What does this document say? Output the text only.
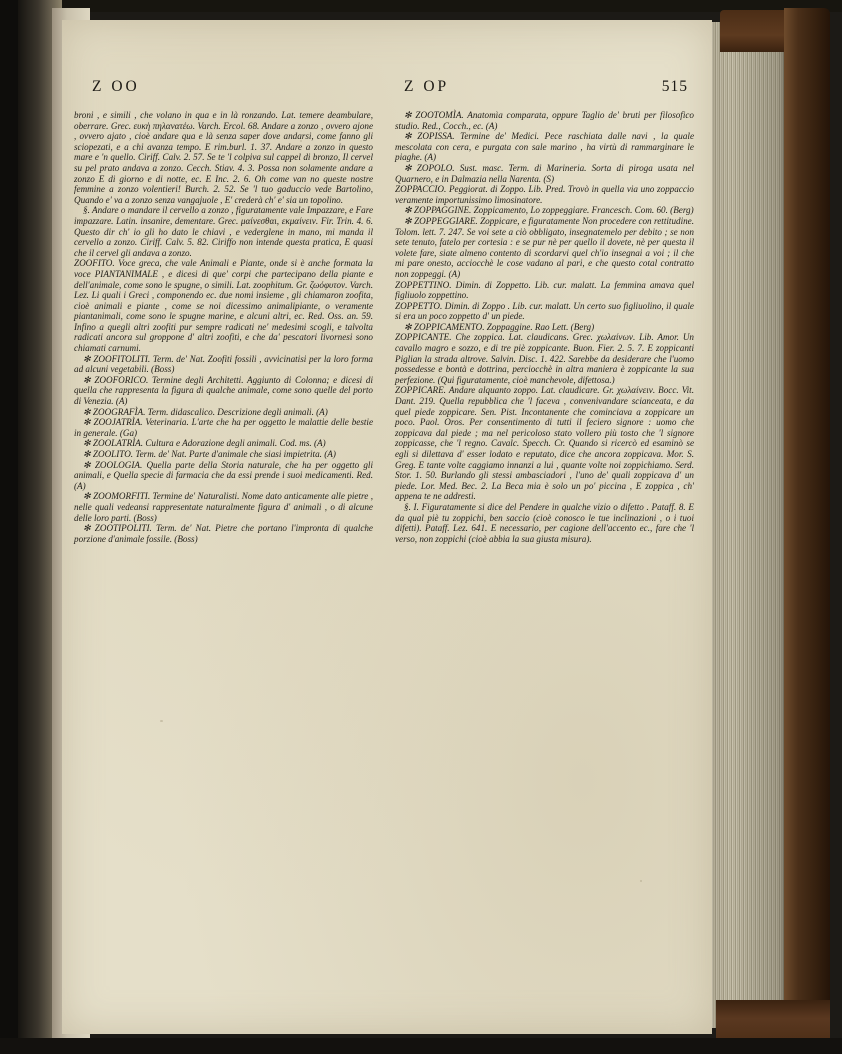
Z OO	Z OP	515

broni , e simili , che volano in qua e in là ronzando. Lat. temere deambulare, oberrare. Grec. ευκὴ πηλανατέω. Varch. Ercol. 68. Andare a zonzo , ovvero ajone , ovvero ajato , cioè andare qua e là senza saper dove andarsi, come fanno gli sciopezati, e a chi avanza tempo. E rim.burl. 1. 37. Andare a zonzo in questo mare e 'n quello. Ciriff. Calv. 2. 57. Se te 'l colpiva sul cappel di bronzo, Il cervel su pel prato andava a zonzo. Cecch. Stiav. 4. 3. Possa non solamente andare a zonzo E di giorno e di notte, ec. E Inc. 2. 6. Oh come van no queste nostre femmine a zonzo volentieri! Burch. 2. 52. Se 'l tuo gaduccio vede Bartolino, Quando e' va a zonzo senza vangajuole , E' crederà ch' e' sia un topolino.

§. Andare o mandare il cervello a zonzo , figuratamente vale Impazzare, e Fare impazzare. Latin. insanire, dementare. Grec. μαίνεσθαι, εκμαίνειν. Fir. Trin. 4. 6. Questo dir ch' io gli ho dato le chiavi , e vederglene in mano, mi manda il cervello a zonzo. Ciriff. Calv. 5. 82. Ciriffo non intende questa pratica, E quasi che il cervel gli andava a zonzo.

ZOOFITO. Voce greca, che vale Animali e Piante, onde si è anche formata la voce PIANTANIMALE , e dicesi di que' corpi che partecipano della piante e dell'animale, come sono le spugne, o simili. Lat. zoophitum. Gr. ζωόφυτον. Varch. Lez. Li quali i Greci , componendo ec. due nomi insieme , gli chiamaron zoofita, cioè animali e piante , come se noi dicessimo animalipiante, o veramente piantanimali, come sono le spugne marine, e alcuni altri, ec. Red. Oss. an. 59. Infino a quegli altri zoofiti pur sempre radicati ne' medesimi scogli, e talvolta radicati ancora sul groppone d' altri zoofiti, e che da' pescatori livornesi sono chiamati carnumi.

✻ ZOOFITOLITI. Term. de' Nat. Zoofiti fossili , avvicinatisi per la loro forma ad alcuni vegetabili. (Boss)

✻ ZOOFORICO. Termine degli Architetti. Aggiunto di Colonna; e dicesi di quella che rappresenta la figura di qualche animale, come sono quelle del porto di Venezia. (A)

✻ ZOOGRAFÌA. Term. didascalico. Descrizione degli animali. (A)

✻ ZOOJATRÌA. Veterinaria. L'arte che ha per oggetto le malattie delle bestie in generale. (Ga)

✻ ZOOLATRÌA. Cultura e Adorazione degli animali. Cod. ms. (A)

✻ ZOOLITO. Term. de' Nat. Parte d'animale che siasi impietrita. (A)

✻ ZOOLOGIA. Quella parte della Storia naturale, che ha per oggetto gli animali, e Quella specie di farmacia che da essi prende i suoi medicamenti. Red. (A)

✻ ZOOMORFITI. Termine de' Naturalisti. Nome dato anticamente alle pietre , nelle quali vedeansi rappresentate naturalmente figura d' animali , o di alcune delle loro parti. (Boss)

✻ ZOOTIPOLITI. Term. de' Nat. Pietre che portano l'impronta di qualche porzione d'animale fossile. (Boss)

✻ ZOOTOMÌA. Anatomìa comparata, oppure Taglio de' bruti per filosofico studio. Red., Cocch., ec. (A)

✻ ZOPISSA. Termine de' Medici. Pece raschiata dalle navi , la quale mescolata con cera, e purgata con sale marino , ha virtù di rammarginare le piaghe. (A)

✻ ZOPOLO. Sust. masc. Term. di Marineria. Sorta di piroga usata nel Quarnero, e in Dalmazia nella Narenta. (S)

ZOPPACCIO. Peggiorat. di Zoppo. Lib. Pred. Trovò in quella via uno zoppaccio veramente importunissimo limosinatore.

✻ ZOPPAGGINE. Zoppicamento, Lo zoppeggiare. Francesch. Com. 60. (Berg)

✻ ZOPPEGGIARE. Zoppicare, e figuratamente Non procedere con rettitudine. Tolom. lett. 7. 247. Se voi sete a ciò obbligato, insegnatemelo per debito ; se non sete tenuto, fatelo per cortesia : e se pur nè per quello il dovete, nè per questa il volete fare, siate almeno contento di scordarvi quel ch'io insegnai a voi ; il che mi pare onesto, acciocchè le cose vadano al pari, e che questo cotal contratto non zoppeggi. (A)

ZOPPETTINO. Dimin. di Zoppetto. Lib. cur. malatt. La femmina amava quel figliuolo zoppettino.

ZOPPETTO. Dimin. di Zoppo . Lib. cur. malatt. Un certo suo figliuolino, il quale si era un poco zoppetto d' un piede.

✻ ZOPPICAMENTO. Zoppaggine. Rao Lett. (Berg)

ZOPPICANTE. Che zoppica. Lat. claudicans. Grec. χωλαίνων. Lib. Amor. Un cavallo magro e sozzo, e di tre piè zoppicante. Buon. Fier. 2. 5. 7. E zoppicanti Piglian la strada altrove. Salvin. Disc. 1. 422. Sarebbe da desiderare che l'uomo possedesse e bontà e dottrina, perciocchè in altra maniera è zoppicante la sua perfezione. (Qui figuratamente, cioè manchevole, difettosa.)

ZOPPICARE. Andare alquanto zoppo. Lat. claudicare. Gr. χωλαίνειν. Bocc. Vit. Dant. 219. Quella repubblica che 'l faceva , convenivandare scianceata, e da quel piede zoppicare. Sen. Pist. Incontanente che cominciava a zoppicare un poco. Paol. Oros. Per consentimento di tutti il feciero signore : uomo che zoppicava dal piede ; ma nel pericoloso stato vollero più tosto che 'l signore zoppicasse, che 'l regno. Cavalc. Specch. Cr. Quando si ricercò ed esaminò se egli si dilettava d' esser lodato e reputato, dice che ancora zoppicava. Mor. S. Greg. E tante volte caggiamo innanzi a lui , quante volte noi zoppichiamo. Serd. Stor. 1. 50. Burlando gli stessi ambasciadori , l'uno de' quali zoppicava d' un piede. Lor. Med. Bec. 2. La Beca mia è solo un po' piccina , E zoppica , ch' appena te ne addresti.

§. I. Figuratamente si dice del Pendere in qualche vizio o difetto . Pataff. 8. E da qual piè tu zoppichi, ben saccio (cioè conosco le tue inclinazioni , o i tuoi difetti). Pataff. Lez. 641. E necessario, per cagione dell'accento ec., fare che 'l verso, non zoppichi (cioè abbia la sua giusta misura).
